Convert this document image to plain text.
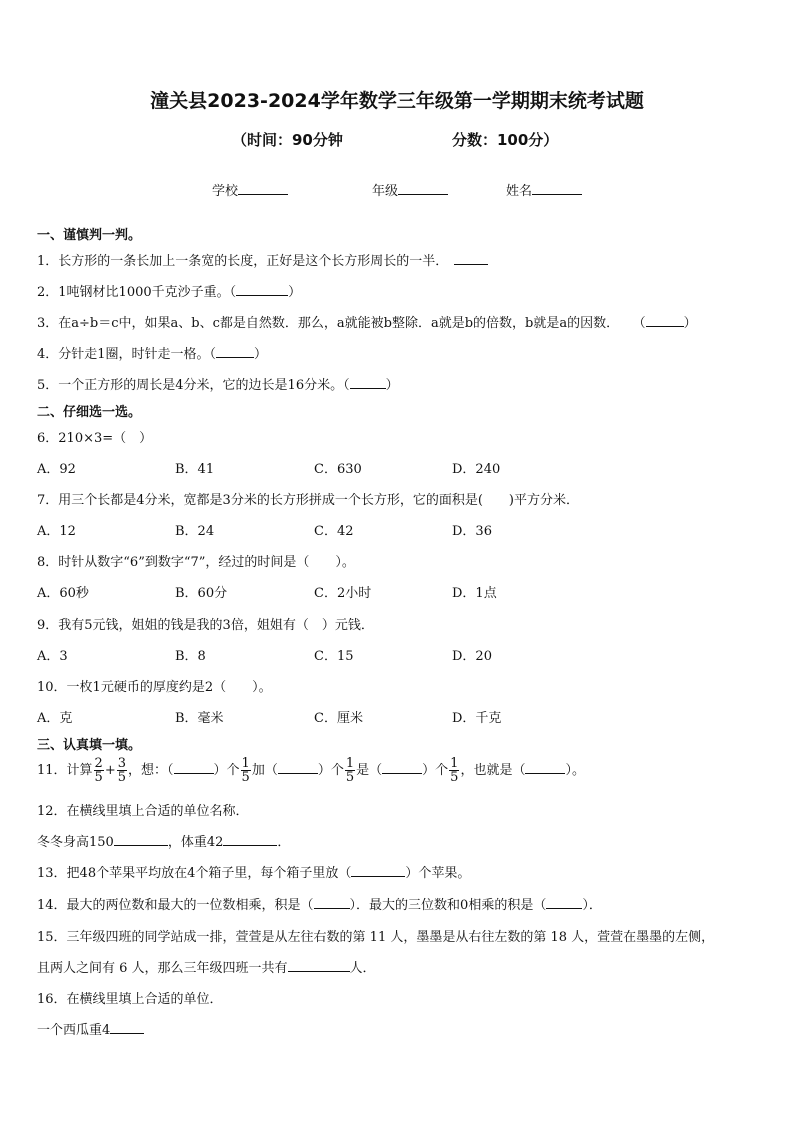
潼关县2023-2024学年数学三年级第一学期期末统考试题
（时间：90分钟	分数：100分）
学校	年级	姓名
一、谨慎判一判。
1．长方形的一条长加上一条宽的长度，正好是这个长方形周长的一半．
2．1吨钢材比1000千克沙子重。（	）
3．在a÷b＝c中，如果a、b、c都是自然数．那么，a就能被b整除．a就是b的倍数，b就是a的因数． （	）
4．分针走1圈，时针走一格。（	）
5．一个正方形的周长是4分米，它的边长是16分米。（	）
二、仔细选一选。
6．210×3=（　）
A．92	B．41	C．630	D．240
7．用三个长都是4分米，宽都是3分米的长方形拼成一个长方形，它的面积是(　　)平方分米．
A．12	B．24	C．42	D．36
8．时针从数字“6”到数字“7”，经过的时间是（　　）。
A．60秒	B．60分	C．2小时	D．1点
9．我有5元钱，姐姐的钱是我的3倍，姐姐有（　）元钱．
A．3	B．8	C．15	D．20
10．一枚1元硬币的厚度约是2（　　）。
A．克	B．毫米	C．厘米	D．千克
三、认真填一填。
11．计算 $\frac{2}{5} + \frac{3}{5}$ ，想：（	）个 $\frac{1}{5}$ 加（	）个 $\frac{1}{5}$ 是（	）个 $\frac{1}{5}$ ，也就是（	）。
12．在横线里填上合适的单位名称．
冬冬身高150	，体重42	．
13．把48个苹果平均放在4个箱子里，每个箱子里放（	）个苹果。
14．最大的两位数和最大的一位数相乘，积是（	）．最大的三位数和0相乘的积是（	）．
15．三年级四班的同学站成一排，萱萱是从左往右数的第 11 人，墨墨是从右往左数的第 18 人，萱萱在墨墨的左侧，
且两人之间有 6 人，那么三年级四班一共有	人．
16．在横线里填上合适的单位．
一个西瓜重4
